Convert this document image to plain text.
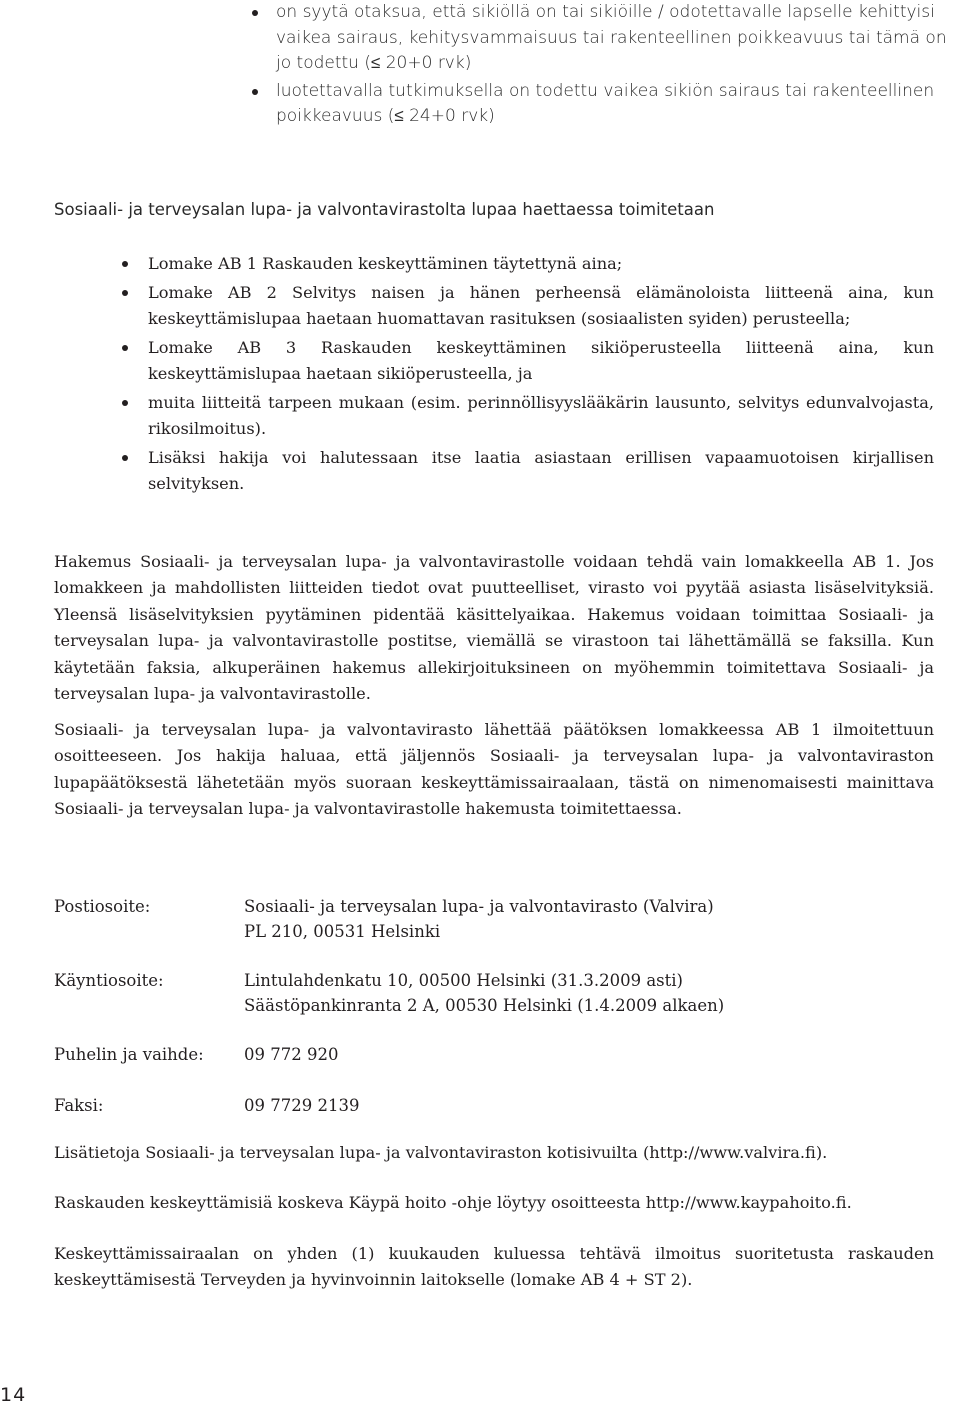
on syytä otaksua, että sikiöllä on tai sikiöille / odotettavalle lapselle kehittyisi vaikea sairaus, kehitysvammaisuus tai rakenteellinen poikkeavuus tai tämä on jo todettu (≤ 20+0 rvk)
luotettavalla tutkimuksella on todettu vaikea sikiön sairaus tai rakenteellinen poikkeavuus (≤ 24+0 rvk)
Sosiaali- ja terveysalan lupa- ja valvontavirastolta lupaa haettaessa toimitetaan
Lomake AB 1 Raskauden keskeyttäminen täytettynä aina;
Lomake AB 2 Selvitys naisen ja hänen perheensä elämänoloista liitteenä aina, kun keskeyttämislupaa haetaan huomattavan rasituksen (sosiaalisten syiden) perusteella;
Lomake AB 3 Raskauden keskeyttäminen sikiöperusteella liitteenä aina, kun keskeyttämislupaa haetaan sikiöperusteella, ja
muita liitteitä tarpeen mukaan (esim. perinnöllisyyslääkärin lausunto, selvitys edunvalvojasta, rikosilmoitus).
Lisäksi hakija voi halutessaan itse laatia asiastaan erillisen vapaamuotoisen kirjallisen selvityksen.

Hakemus Sosiaali- ja terveysalan lupa- ja valvontavirastolle voidaan tehdä vain lomakkeella AB 1. Jos lomakkeen ja mahdollisten liitteiden tiedot ovat puutteelliset, virasto voi pyytää asiasta lisäselvityksiä. Yleensä lisäselvityksien pyytäminen pidentää käsittelyaikaa. Hakemus voidaan toimittaa Sosiaali- ja terveysalan lupa- ja valvontavirastolle postitse, viemällä se virastoon tai lähettämällä se faksilla. Kun käytetään faksia, alkuperäinen hakemus allekirjoituksineen on myöhemmin toimitettava Sosiaali- ja terveysalan lupa- ja valvontavirastolle.

Sosiaali- ja terveysalan lupa- ja valvontavirasto lähettää päätöksen lomakkeessa AB 1 ilmoitettuun osoitteeseen. Jos hakija haluaa, että jäljennös Sosiaali- ja terveysalan lupa- ja valvontaviraston lupapäätöksestä lähetetään myös suoraan keskeyttämissairaalaan, tästä on nimenomaisesti mainittava Sosiaali- ja terveysalan lupa- ja valvontavirastolle hakemusta toimitettaessa.

Postiosoite:	Sosiaali- ja terveysalan lupa- ja valvontavirasto (Valvira)
PL 210, 00531 Helsinki
Käyntiosoite:	Lintulahdenkatu 10, 00500 Helsinki (31.3.2009 asti)
Säästöpankinranta 2 A, 00530 Helsinki (1.4.2009 alkaen)
Puhelin ja vaihde: 09 772 920
Faksi:	09 7729 2139

Lisätietoja Sosiaali- ja terveysalan lupa- ja valvontaviraston kotisivuilta (http://www.valvira.fi).

Raskauden keskeyttämisiä koskeva Käypä hoito -ohje löytyy osoitteesta http://www.kaypahoito.fi.

Keskeyttämissairaalan on yhden (1) kuukauden kuluessa tehtävä ilmoitus suoritetusta raskauden keskeyttämisestä Terveyden ja hyvinvoinnin laitokselle (lomake AB 4 + ST 2).

14
